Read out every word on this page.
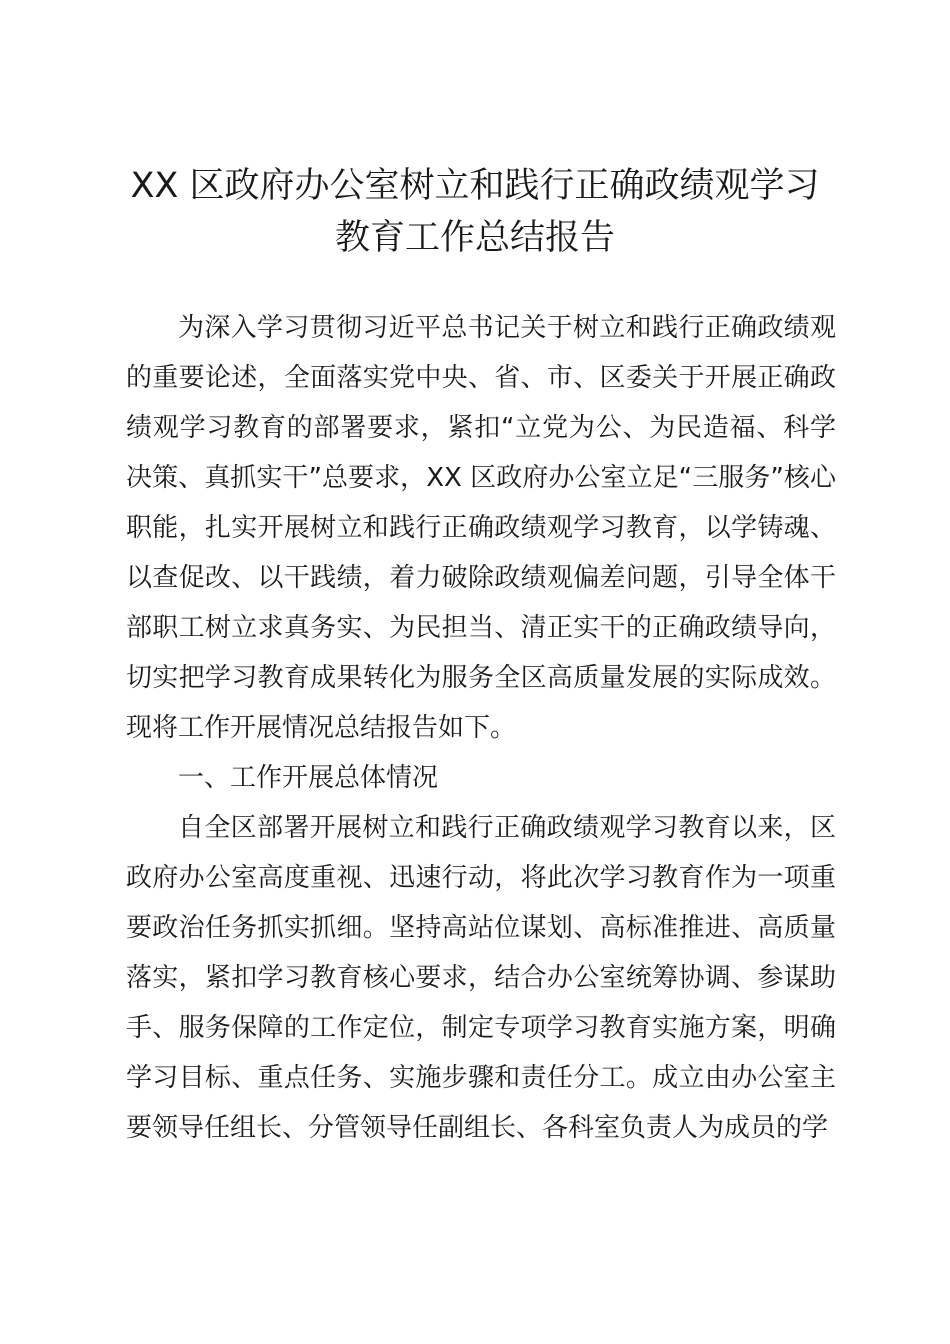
XX 区政府办公室树立和践行正确政绩观学习
教育工作总结报告

为深入学习贯彻习近平总书记关于树立和践行正确政绩观的重要论述，全面落实党中央、省、市、区委关于开展正确政绩观学习教育的部署要求，紧扣“立党为公、为民造福、科学决策、真抓实干”总要求，XX 区政府办公室立足“三服务”核心职能，扎实开展树立和践行正确政绩观学习教育，以学铸魂、以查促改、以干践绩，着力破除政绩观偏差问题，引导全体干部职工树立求真务实、为民担当、清正实干的正确政绩导向，切实把学习教育成果转化为服务全区高质量发展的实际成效。现将工作开展情况总结报告如下。

一、工作开展总体情况

自全区部署开展树立和践行正确政绩观学习教育以来，区政府办公室高度重视、迅速行动，将此次学习教育作为一项重要政治任务抓实抓细。坚持高站位谋划、高标准推进、高质量落实，紧扣学习教育核心要求，结合办公室统筹协调、参谋助手、服务保障的工作定位，制定专项学习教育实施方案，明确学习目标、重点任务、实施步骤和责任分工。成立由办公室主要领导任组长、分管领导任副组长、各科室负责人为成员的学
